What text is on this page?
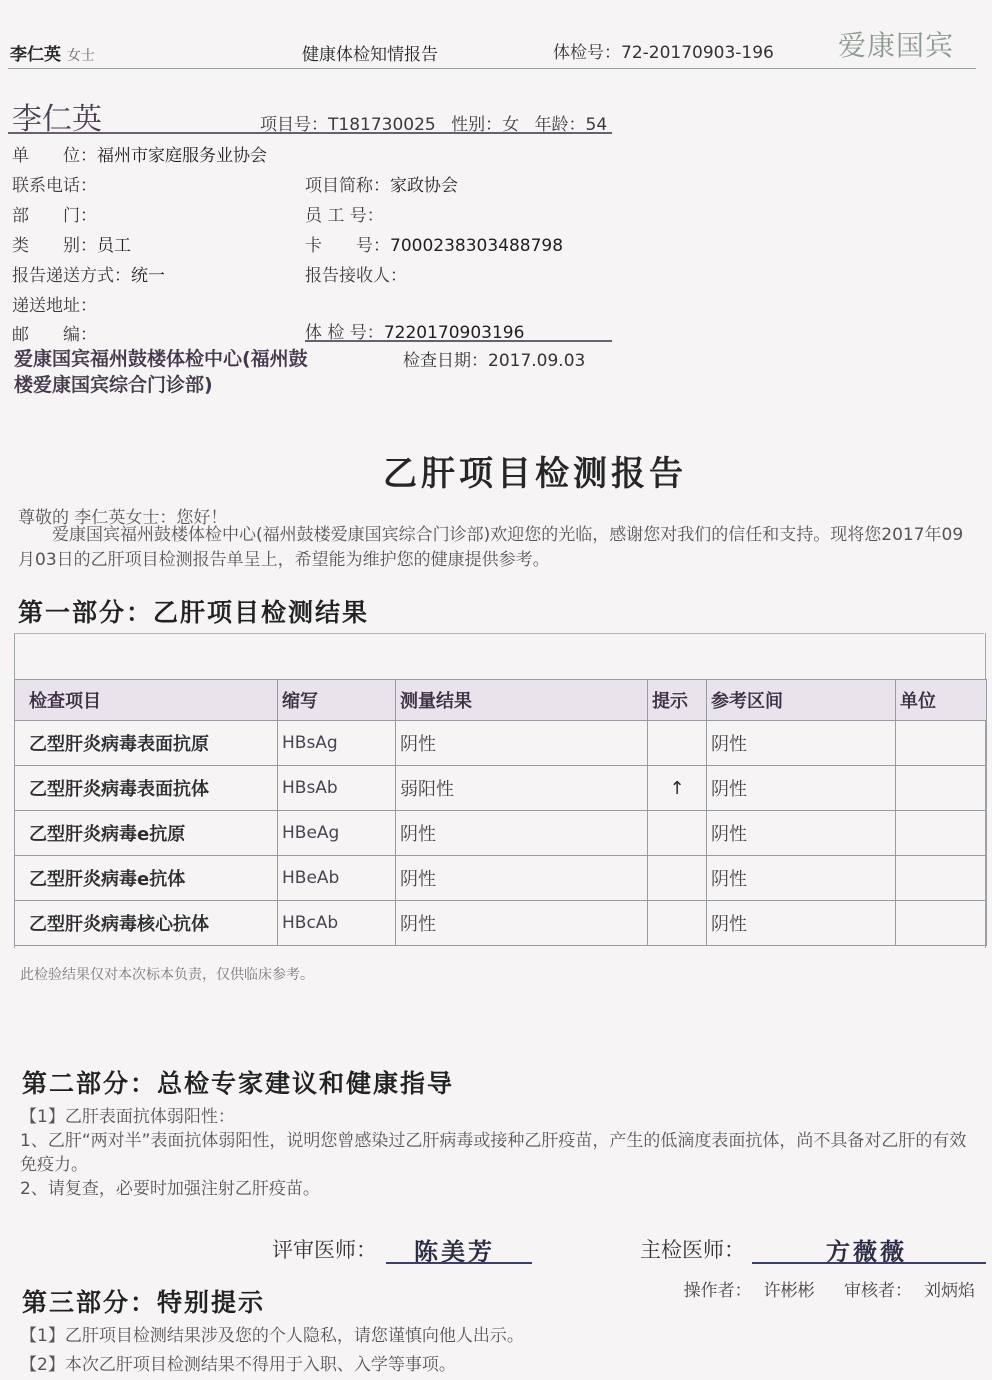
李仁英 女士	健康体检知情报告	体检号：72-20170903-196 爱康国宾
李仁英	项目号：T181730025 性别：女 年龄：54
单　　位：福州市家庭服务业协会
联系电话：	项目简称：家政协会
部　　门：	员 工 号：
类　　别：员工	卡　　号：7000238303488798
报告递送方式：统一	报告接收人：
递送地址：
邮　　编：	体 检 号：7220170903196
爱康国宾福州鼓楼体检中心(福州鼓楼爱康国宾综合门诊部)
检查日期：2017.09.03
乙肝项目检测报告
尊敬的 李仁英女士：您好！
爱康国宾福州鼓楼体检中心(福州鼓楼爱康国宾综合门诊部)欢迎您的光临，感谢您对我们的信任和支持。现将您2017年09月03日的乙肝项目检测报告单呈上，希望能为维护您的健康提供参考。
第一部分：乙肝项目检测结果
操作者： 许彬彬 审核者： 刘炳焰
检查项目	缩写	测量结果	提示	参考区间	单位
乙型肝炎病毒表面抗原	HBsAg	阴性		阴性	
乙型肝炎病毒表面抗体	HBsAb	弱阳性	↑	阴性	
乙型肝炎病毒e抗原	HBeAg	阴性		阴性	
乙型肝炎病毒e抗体	HBeAb	阴性		阴性	
乙型肝炎病毒核心抗体	HBcAb	阴性		阴性	
此检验结果仅对本次标本负责，仅供临床参考。
第二部分：总检专家建议和健康指导
【1】乙肝表面抗体弱阳性：
1、乙肝“两对半”表面抗体弱阳性，说明您曾感染过乙肝病毒或接种乙肝疫苗，产生的低滴度表面抗体，尚不具备对乙肝的有效免疫力。
2、请复查，必要时加强注射乙肝疫苗。
评审医师： 陈美芳	主检医师：	方薇薇
第三部分：特别提示
【1】乙肝项目检测结果涉及您的个人隐私，请您谨慎向他人出示。
【2】本次乙肝项目检测结果不得用于入职、入学等事项。
